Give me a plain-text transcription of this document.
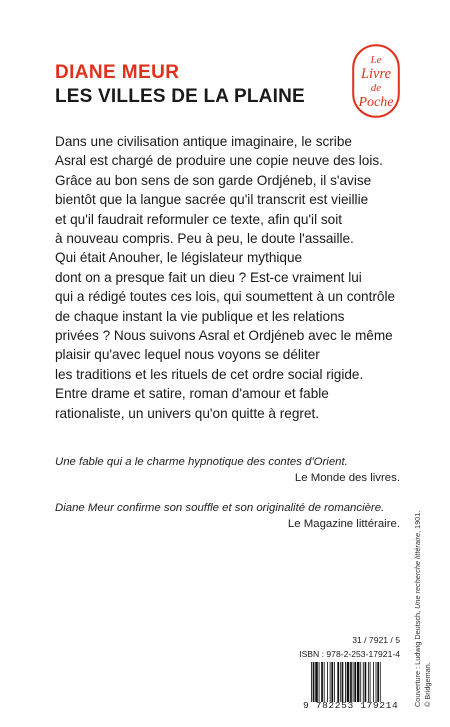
DIANE MEUR
LES VILLES DE LA PLAINE
Le
Livre
de
Poche
Dans une civilisation antique imaginaire, le scribe
Asral est chargé de produire une copie neuve des lois.
Grâce au bon sens de son garde Ordjéneb, il s'avise
bientôt que la langue sacrée qu'il transcrit est vieillie
et qu'il faudrait reformuler ce texte, afin qu'il soit
à nouveau compris. Peu à peu, le doute l'assaille.
Qui était Anouher, le législateur mythique
dont on a presque fait un dieu ? Est-ce vraiment lui
qui a rédigé toutes ces lois, qui soumettent à un contrôle
de chaque instant la vie publique et les relations
privées ? Nous suivons Asral et Ordjéneb avec le même
plaisir qu'avec lequel nous voyons se déliter
les traditions et les rituels de cet ordre social rigide.
Entre drame et satire, roman d'amour et fable
rationaliste, un univers qu'on quitte à regret.
Une fable qui a le charme hypnotique des contes d'Orient.
Le Monde des livres.
Diane Meur confirme son souffle et son originalité de romancière.
Le Magazine littéraire.
Couverture : Ludwig Deutsch, Une recherche littéraire, 1901.
© Bridgeman.
31 / 7921 / 5
ISBN : 978-2-253-17921-4
9 782253 179214
